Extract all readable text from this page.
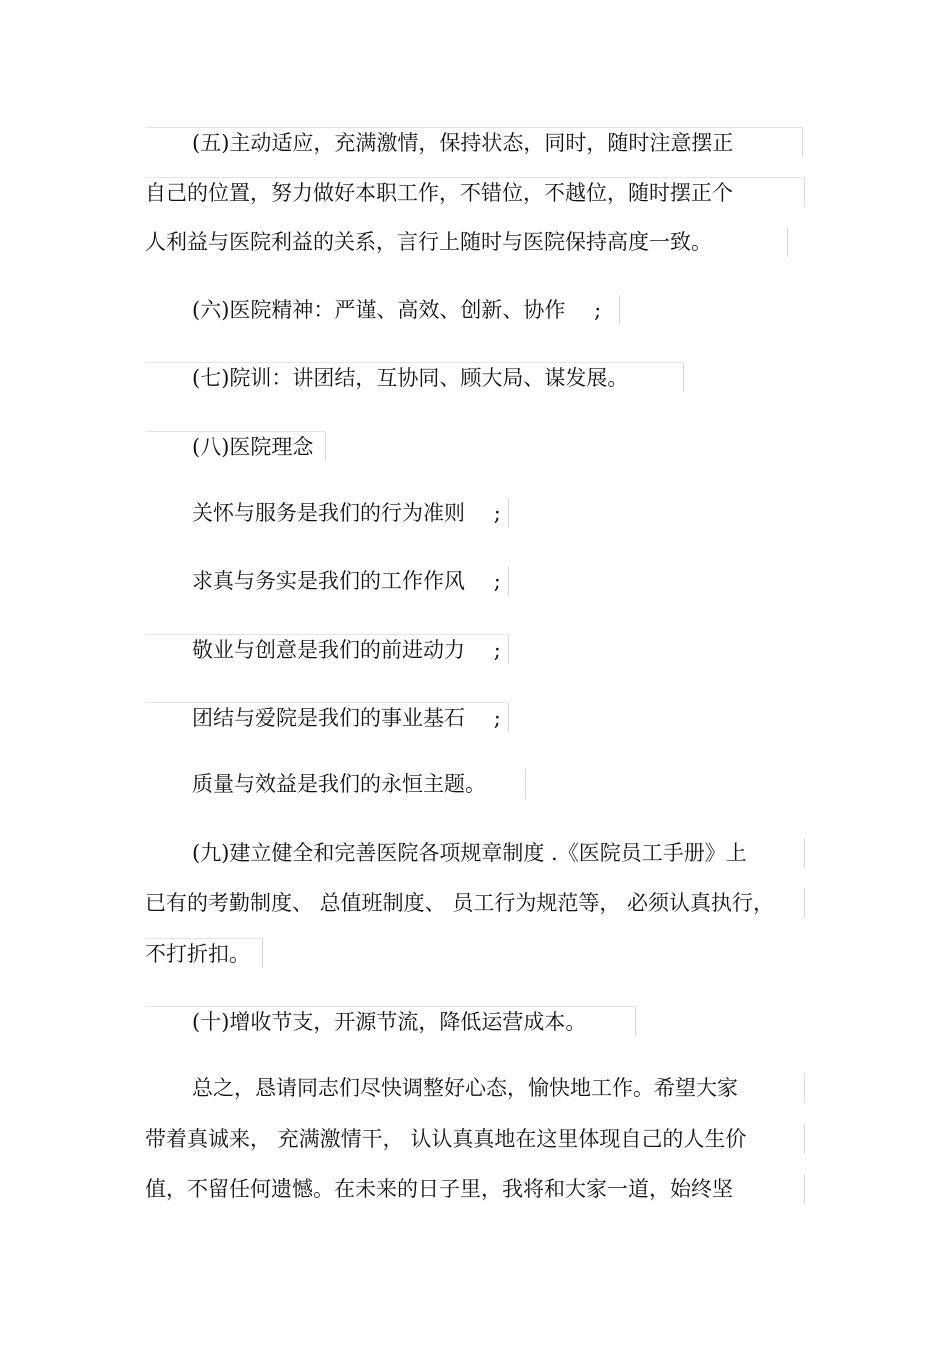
(五)主动适应，充满激情，保持状态，同时，随时注意摆正
自己的位置，努力做好本职工作，不错位，不越位，随时摆正个
人利益与医院利益的关系，言行上随时与医院保持高度一致。
(六)医院精神：严谨、高效、创新、协作 ;
(七)院训：讲团结，互协同、顾大局、谋发展。
(八)医院理念
关怀与服务是我们的行为准则 ;
求真与务实是我们的工作作风 ;
敬业与创意是我们的前进动力 ;
团结与爱院是我们的事业基石 ;
质量与效益是我们的永恒主题。
(九)建立健全和完善医院各项规章制度 .《医院员工手册》上
已有的考勤制度、 总值班制度、 员工行为规范等， 必须认真执行，
不打折扣。
(十)增收节支，开源节流，降低运营成本。
总之，恳请同志们尽快调整好心态，愉快地工作。希望大家
带着真诚来， 充满激情干， 认认真真地在这里体现自己的人生价
值，不留任何遗憾。在未来的日子里，我将和大家一道，始终坚
